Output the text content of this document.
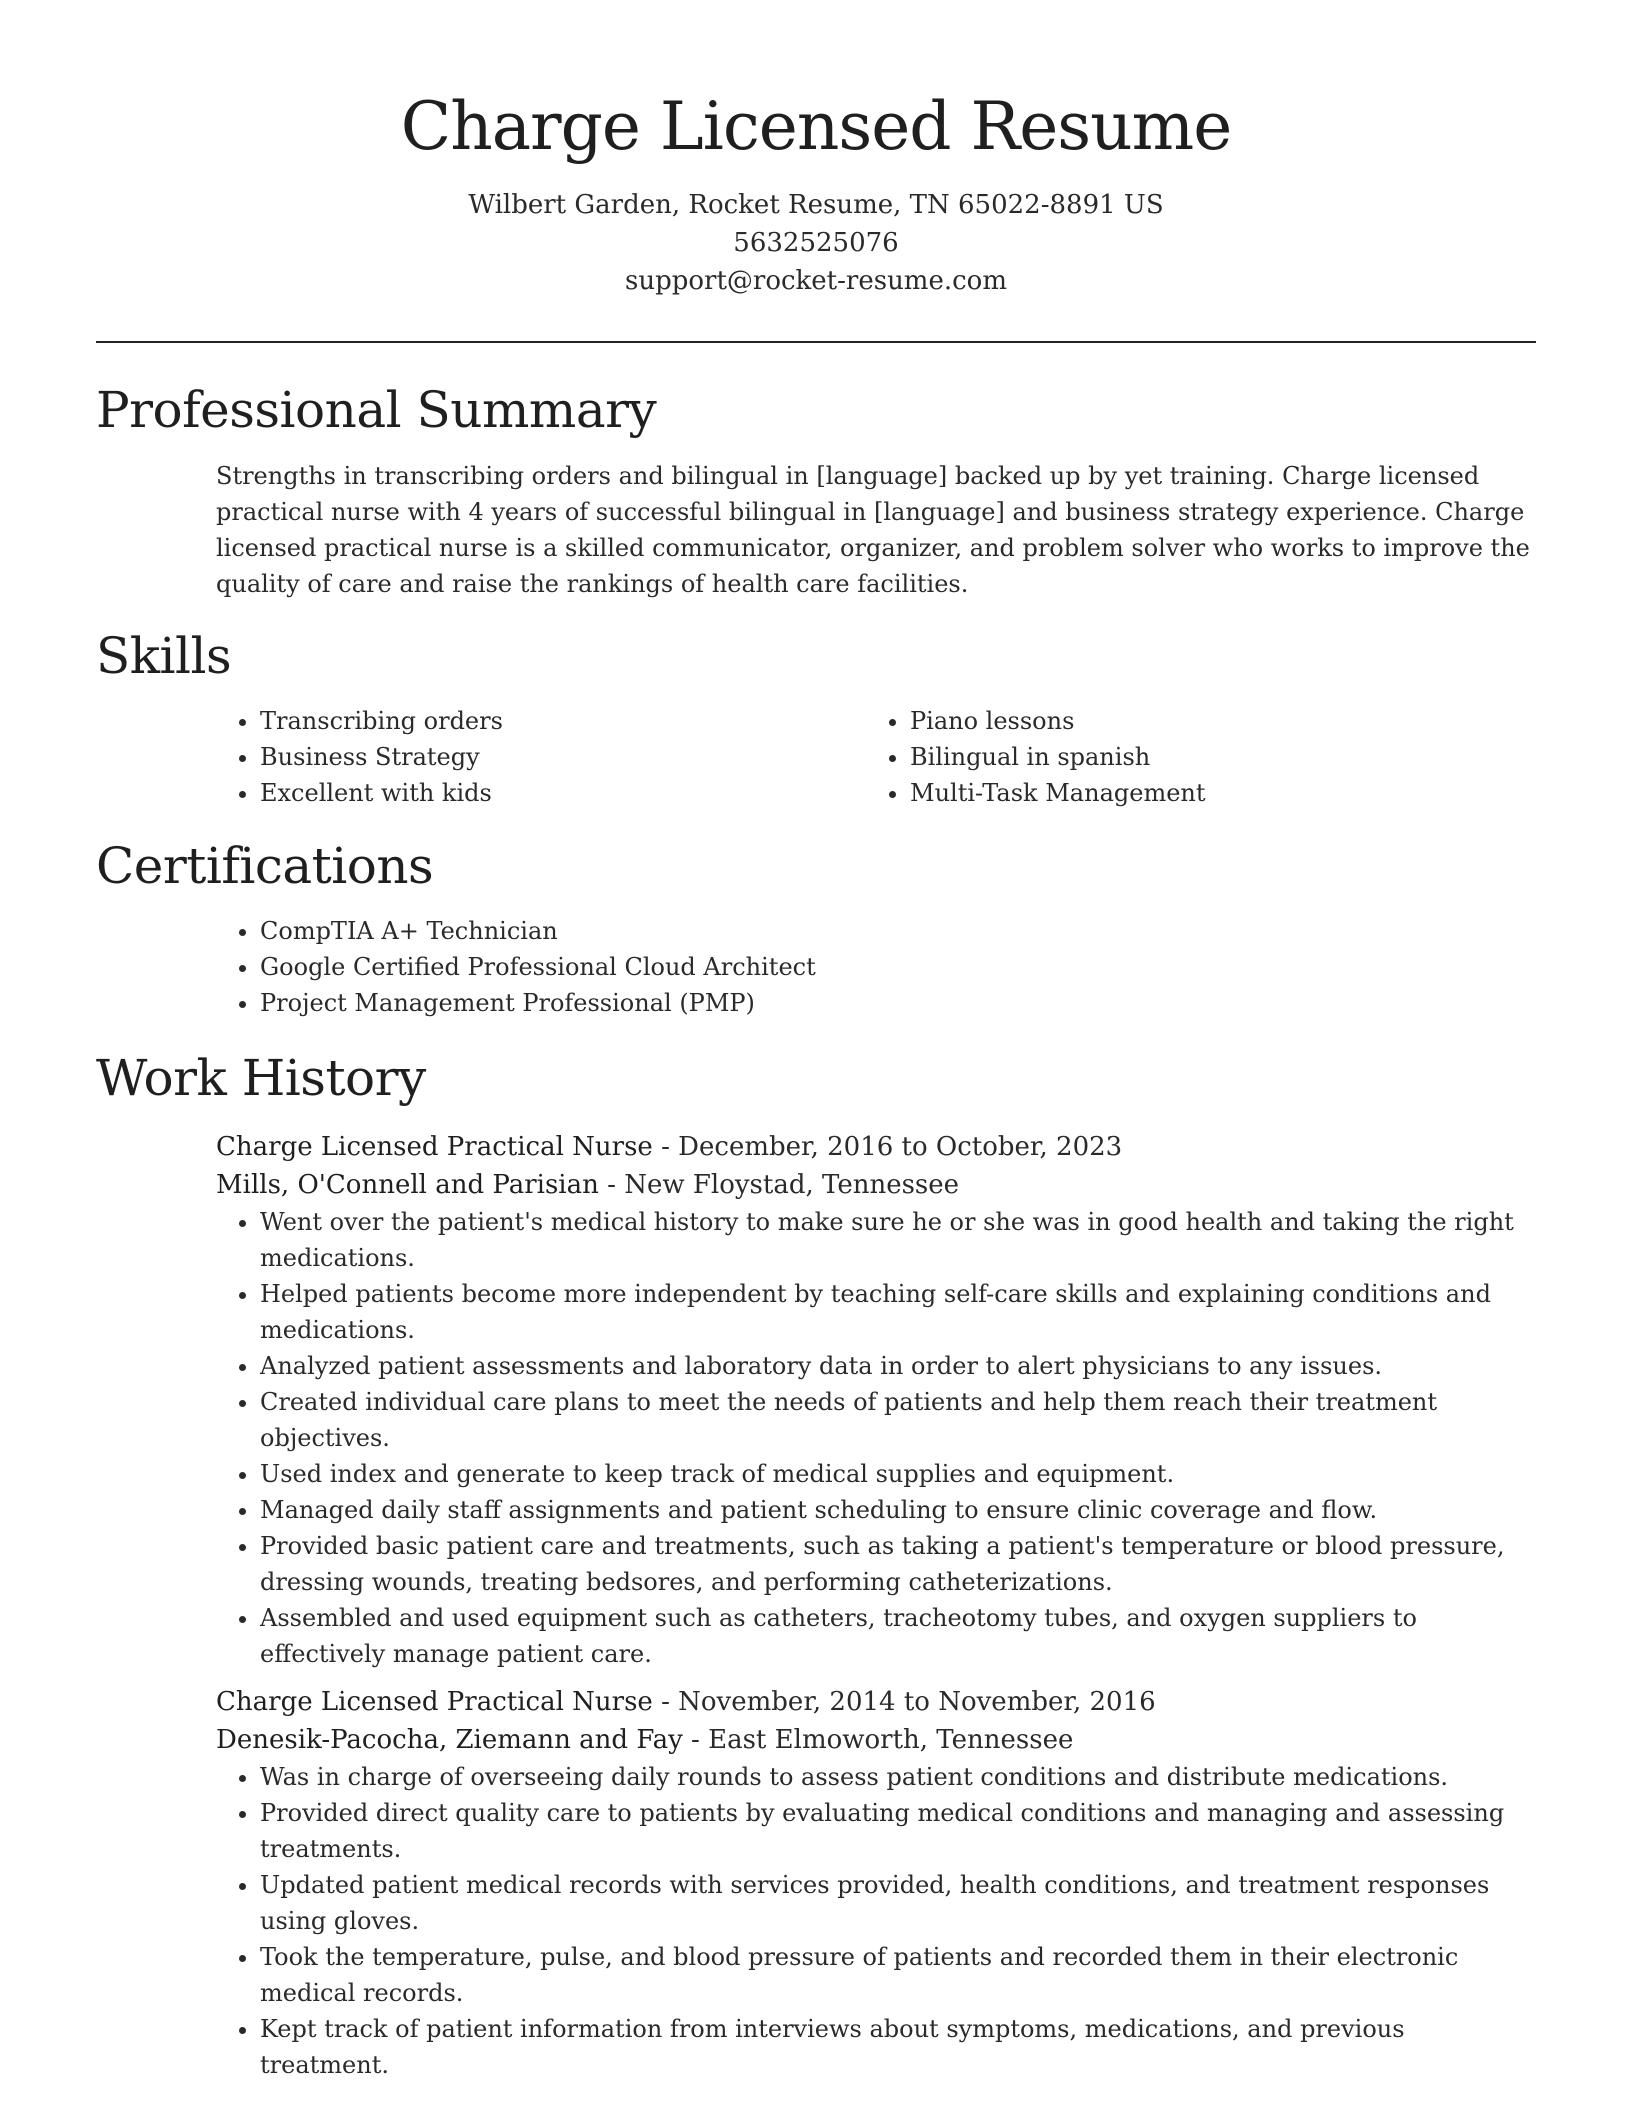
Charge Licensed Resume

Wilbert Garden, Rocket Resume, TN 65022-8891 US

5632525076

support@rocket-resume.com

Professional Summary

Strengths in transcribing orders and bilingual in [language] backed up by yet training. Charge licensed practical nurse with 4 years of successful bilingual in [language] and business strategy experience. Charge licensed practical nurse is a skilled communicator, organizer, and problem solver who works to improve the quality of care and raise the rankings of health care facilities.

Skills
• Transcribing orders
• Business Strategy
• Excellent with kids
• Piano lessons
• Bilingual in spanish
• Multi-Task Management
Certifications
• CompTIA A+ Technician
• Google Certified Professional Cloud Architect
• Project Management Professional (PMP)
Work History

Charge Licensed Practical Nurse - December, 2016 to October, 2023

Mills, O'Connell and Parisian - New Floystad, Tennessee

• Went over the patient's medical history to make sure he or she was in good health and taking the right medications.
• Helped patients become more independent by teaching self-care skills and explaining conditions and medications.
• Analyzed patient assessments and laboratory data in order to alert physicians to any issues.
• Created individual care plans to meet the needs of patients and help them reach their treatment objectives.
• Used index and generate to keep track of medical supplies and equipment.
• Managed daily staff assignments and patient scheduling to ensure clinic coverage and flow.
• Provided basic patient care and treatments, such as taking a patient's temperature or blood pressure, dressing wounds, treating bedsores, and performing catheterizations.
• Assembled and used equipment such as catheters, tracheotomy tubes, and oxygen suppliers to effectively manage patient care.

Charge Licensed Practical Nurse - November, 2014 to November, 2016

Denesik-Pacocha, Ziemann and Fay - East Elmoworth, Tennessee

• Was in charge of overseeing daily rounds to assess patient conditions and distribute medications.
• Provided direct quality care to patients by evaluating medical conditions and managing and assessing treatments.
• Updated patient medical records with services provided, health conditions, and treatment responses using gloves.
• Took the temperature, pulse, and blood pressure of patients and recorded them in their electronic medical records.
• Kept track of patient information from interviews about symptoms, medications, and previous treatment.
